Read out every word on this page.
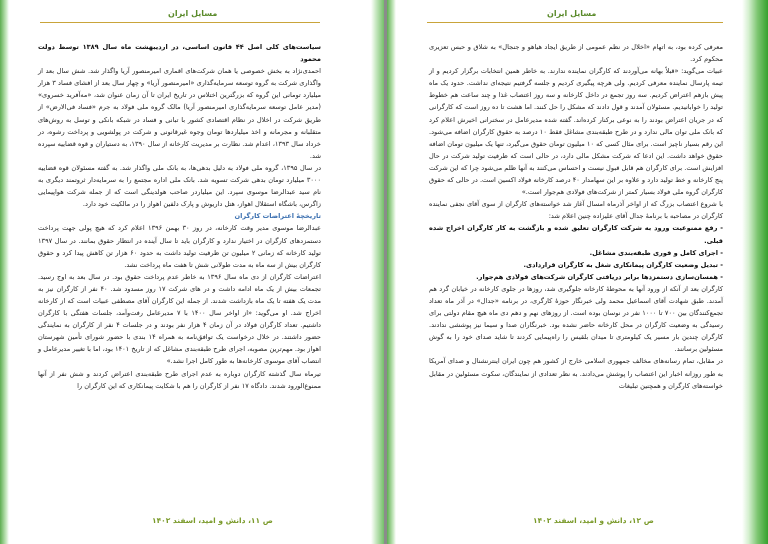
مسایل ایران

سیاست‌های کلی اصل ۴۴ قانون اساسی، در اردیبهشت ماه سال ۱۳۸۹ توسط دولت محمود

احمدی‌نژاد به بخش خصوصی یا همان شرکت‌های اقماری امیرمنصور آریا واگذار شد. شش سال بعد از واگذاری شرکت به گروه توسعه سرمایه‌گذاری «امیرمنصور آریا» و چهار سال بعد از افشای فساد ۳ هزار میلیارد تومانی این گروه که بزرگترین اختلاس در تاریخ ایران تا آن زمان عنوان شد، «مه‌آفرید خسروی» (مدیر عامل توسعه سرمایه‌گذاری امیرمنصور آریا) مالک گروه ملی فولاد به جرم «فساد فی‌الارض» از طریق شرکت در اخلال در نظام اقتصادی کشور با تبانی و فساد در شبکه بانکی و توسل به روش‌های متقلبانه و مجرمانه و اخذ میلیاردها تومان وجوه غیرقانونی و شرکت در پولشویی و پرداخت رشوه، در خرداد سال ۱۳۹۳، اعدام شد. نظارت بر مدیریت کارخانه از سال ۱۳۹۰، به دستیاران و قوه قضاییه سپرده شد.

در سال ۱۳۹۵، گروه ملی فولاد به دلیل بدهی‌ها، به بانک ملی واگذار شد. به گفته مسئولان قوه قضاییه ۳۰۰۰ میلیارد تومان بدهی شرکت تسویه شد. بانک ملی اداره مجتمع را به سرمایه‌دار ثروتمند دیگری به نام سید عبدالرضا موسوی سپرد. این میلیاردر صاحب هولدینگی است که از جمله شرکت هواپیمایی زاگرس، باشگاه استقلال اهواز، هتل داریوش و پارک دلفین اهواز را در مالکیت خود دارد.

تاریخچهٔ اعتراضات کارگران

عبدالرضا موسوی مدیر وقت کارخانه، در روز ۳۰ بهمن ۱۳۹۶ اعلام کرد که هیچ پولی جهت پرداخت دستمزدهای کارگران در اختیار ندارد و کارگران باید تا سال آینده در انتظار حقوق بمانند. در سال ۱۳۹۷ تولید کارخانه که زمانی ۲ میلیون تن ظرفیت تولید داشت به حدود ۶۰ هزار تن کاهش پیدا کرد و حقوق کارگران بیش از سه ماه به مدت طولانی شش تا هفت ماه پرداخت نشد.

اعتراضات کارگران از دی ماه سال ۱۳۹۶ به خاطر عدم پرداخت حقوق بود. در سال بعد به اوج رسید. تجمعات بیش از یک ماه ادامه داشت و در های شرکت ۱۷ روز مسدود شد. ۴۰ نفر از کارگران نیز به مدت یک هفته تا یک ماه بازداشت شدند. از جمله این کارگران آقای مصطفی عبیات است که از کارخانه اخراج شد. او می‌گوید: «از اواخر سال ۱۴۰۰ با ۷ مدیرعامل رفت‌وآمد، جلسات هفتگی با کارگران داشتیم. تعداد کارگران فولاد در آن زمان ۴ هزار نفر بودند و در جلسات ۴ نفر از کارگران به نمایندگی حضور داشتند. در خلال درخواست یک توافق‌نامه به همراه ۱۴ بندی با حضور شورای تأمین شهرستان اهواز بود. مهم‌ترین مصوبه، اجرای طرح طبقه‌بندی مشاغل که از تاریخ ۱۴۰۱ بود، اما با تغییر مدیرعامل و انتصاب آقای موسوی کارخانه‌ها به طور کامل اجرا نشد.»

تیرماه سال گذشته کارگران دوباره به عدم اجرای طرح طبقه‌بندی اعتراض کردند و شش نفر از آنها ممنوع‌الورود شدند. دادگاه ۱۷ نفر از کارگران را هم با شکایت پیمانکاری که این کارگران را

ص ۱۱، دانش و امید، اسفند ۱۴۰۲
مسایل ایران

معرفی کرده بود، به اتهام «اخلال در نظم عمومی از طریق ایجاد هیاهو و جنجال» به شلاق و حبس تعزیری محکوم کرد.

عبیات می‌گوید: «قبلاً بهانه می‌آوردند که کارگران نماینده ندارند. به خاطر همین انتخابات برگزار کردیم و از تیمه پارسال نماینده معرفی کردیم. ولی هرچه پیگیری کردیم و جلسه گرفتیم نتیجه‌ای نداشت. حدود یک ماه پیش بازهم اعتراض کردیم. سه روز تجمع در داخل کارخانه و سه روز اعتصاب غذا و چند ساعت هم خطوط تولید را خوابانیدیم. مسئولان آمدند و قول دادند که مشکل را حل کنند. اما هشت تا ده روز است که کارگرانی که در جریان اعتراض بودند را به نوعی برکنار کرده‌اند. گفته شده مدیرعامل در سخنرانی اخیرش اعلام کرد که بانک ملی توان مالی ندارد و در طرح طبقه‌بندی مشاغل فقط ۱۰ درصد به حقوق کارگران اضافه می‌شود. این رقم بسیار ناچیز است. برای مثال کسی که ۱۰ میلیون تومان حقوق می‌گیرد، تنها یک میلیون تومان اضافه حقوق خواهد داشت. این ادعا که شرکت مشکل مالی دارد، در حالی است که ظرفیت تولید شرکت در حال افزایش است. برای کارگران هم قابل قبول نیست و احساس می‌کنند به آنها ظلم می‌شود چرا که این شرکت پنج کارخانه و خط تولید دارد و علاوه بر این سهامدار ۴۰ درصد کارخانه فولاد اکسین است. در حالی که حقوق کارگران گروه ملی فولاد بسیار کمتر از شرکت‌های فولادی هم‌جوار است.»

با شروع اعتصاب بزرگ که از اواخر آذرماه امسال آغاز شد خواسته‌های کارگران از سوی آقای نجفی نماینده کارگران در مصاحبه با برنامهٔ جدال آقای علیزاده چنین اعلام شد:

- رفع ممنوعیت ورود به شرکت کارگران تعلیق شده و بازگشت به کار کارگران اخراج شده قبلی.

- اجرای کامل و فوری طبقه‌بندی مشاغل.

- تبدیل وضعیت کارگران پیمانکاری شغل به کارگران قراردادی.

- همسان‌سازی دستمزدها برابر دریافتی کارگران شرکت‌های فولادی هم‌جوار.

کارگران بعد از آنکه از ورود آنها به محوطهٔ کارخانه جلوگیری شد، روزها در جلوی کارخانه در خیابان گرد هم آمدند. طبق شهادت آقای اسماعیل محمد ولی خبرنگار حوزهٔ کارگری، در برنامه «جدال» در آذر ماه تعداد تجمع‌کنندگان بین ۷۰۰ تا ۱۰۰۰ نفر در نوسان بوده است. از روزهای نهم و دهم دی ماه هیچ مقام دولتی برای رسیدگی به وضعیت کارگران در محل کارخانه حاضر نشده بود. خبرنگاران صدا و سیما نیز پوششی ندادند. کارگران چندین بار مسیر یک کیلومتری تا میدان بلقیس را راه‌پیمایی کردند تا شاید صدای خود را به گوش مسئولین برسانند.

در مقابل، تمام رسانه‌های مخالف جمهوری اسلامی خارج از کشور هم چون ایران اینترنشنال و صدای آمریکا به طور روزانه اخبار این اعتصاب را پوشش می‌دادند. به نظر تعدادی از نمایندگان، سکوت مسئولین در مقابل خواسته‌های کارگران و همچنین تبلیغات

ص ۱۲، دانش و امید، اسفند ۱۴۰۲
